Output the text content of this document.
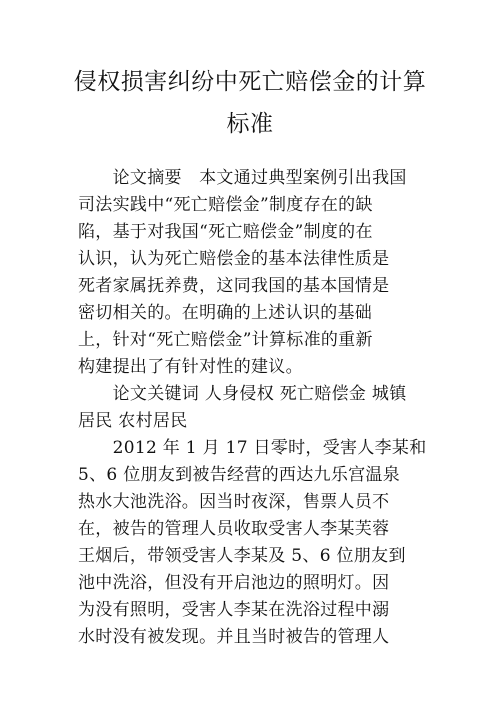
侵权损害纠纷中死亡赔偿金的计算
标准
　　论文摘要　本文通过典型案例引出我国
司法实践中“死亡赔偿金”制度存在的缺
陷，基于对我国“死亡赔偿金”制度的在
认识，认为死亡赔偿金的基本法律性质是
死者家属抚养费，这同我国的基本国情是
密切相关的。在明确的上述认识的基础
上，针对“死亡赔偿金”计算标准的重新
构建提出了有针对性的建议。
　　论文关键词 人身侵权 死亡赔偿金 城镇
居民 农村居民
　　2012 年 1 月 17 日零时，受害人李某和
5、6 位朋友到被告经营的西达九乐宫温泉
热水大池洗浴。因当时夜深，售票人员不
在，被告的管理人员收取受害人李某芙蓉
王烟后，带领受害人李某及 5、6 位朋友到
池中洗浴，但没有开启池边的照明灯。因
为没有照明，受害人李某在洗浴过程中溺
水时没有被发现。并且当时被告的管理人
